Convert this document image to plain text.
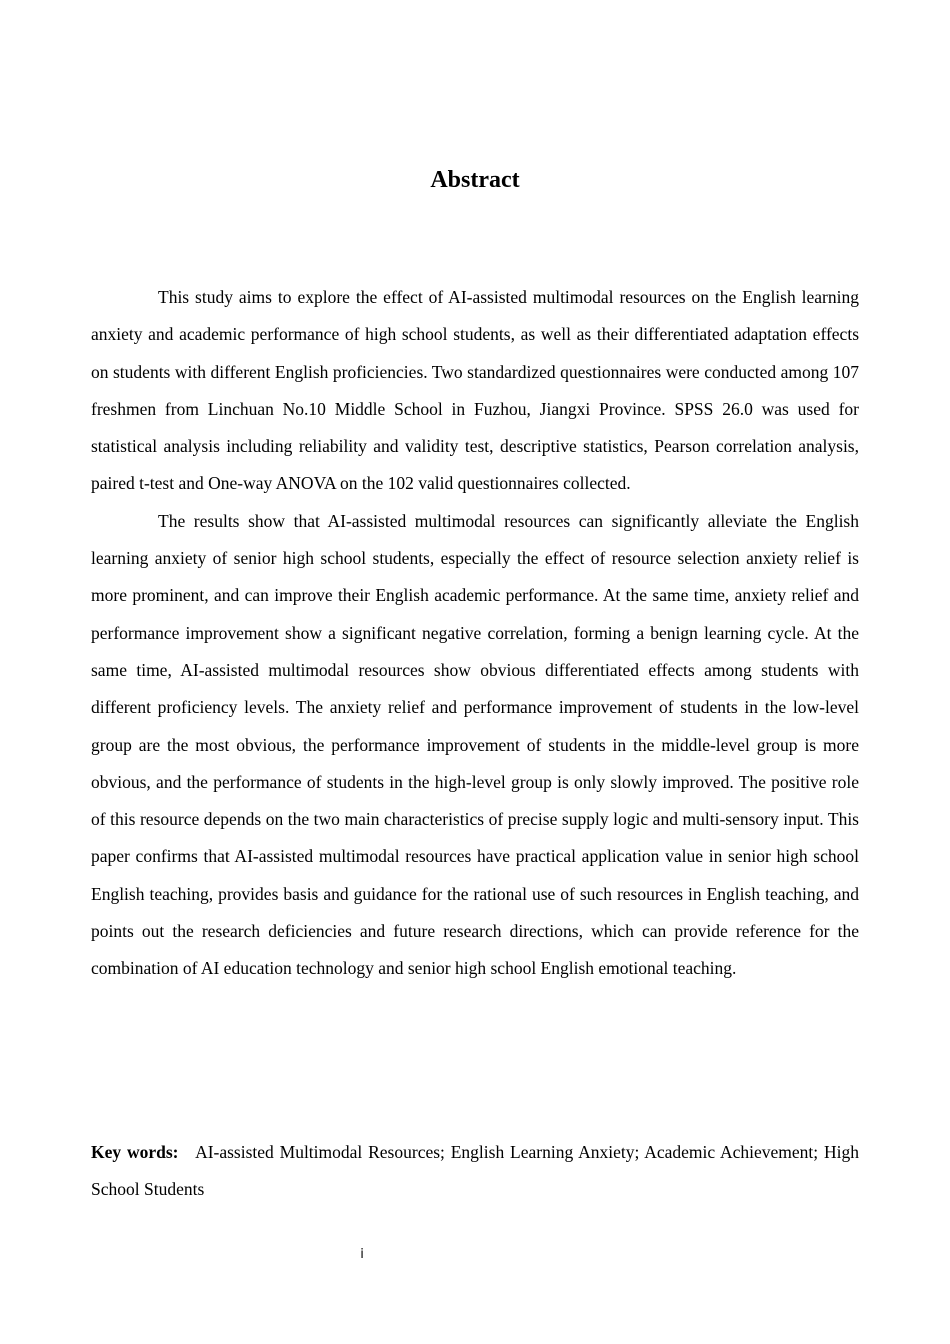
Abstract

This study aims to explore the effect of AI-assisted multimodal resources on the English learning anxiety and academic performance of high school students, as well as their differentiated adaptation effects on students with different English proficiencies. Two standardized questionnaires were conducted among 107 freshmen from Linchuan No.10 Middle School in Fuzhou, Jiangxi Province. SPSS 26.0 was used for statistical analysis including reliability and validity test, descriptive statistics, Pearson correlation analysis, paired t-test and One-way ANOVA on the 102 valid questionnaires collected.

The results show that AI-assisted multimodal resources can significantly alleviate the English learning anxiety of senior high school students, especially the effect of resource selection anxiety relief is more prominent, and can improve their English academic performance. At the same time, anxiety relief and performance improvement show a significant negative correlation, forming a benign learning cycle. At the same time, AI-assisted multimodal resources show obvious differentiated effects among students with different proficiency levels. The anxiety relief and performance improvement of students in the low-level group are the most obvious, the performance improvement of students in the middle-level group is more obvious, and the performance of students in the high-level group is only slowly improved. The positive role of this resource depends on the two main characteristics of precise supply logic and multi-sensory input. This paper confirms that AI-assisted multimodal resources have practical application value in senior high school English teaching, provides basis and guidance for the rational use of such resources in English teaching, and points out the research deficiencies and future research directions, which can provide reference for the combination of AI education technology and senior high school English emotional teaching.

Key words: AI-assisted Multimodal Resources; English Learning Anxiety; Academic Achievement; High School Students
i
